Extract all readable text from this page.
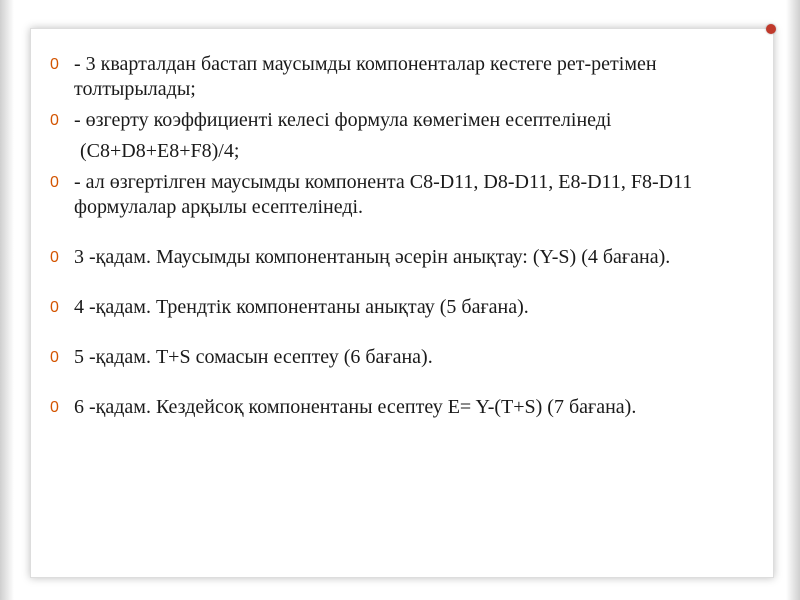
0 - 3 кварталдан бастап маусымды компоненталар кестеге рет-ретімен толтырылады;
0 - өзгерту коэффициенті келесі формула көмегімен есептелінеді
(C8+D8+E8+F8)/4;
0 - ал өзгертілген маусымды компонента C8-D11, D8-D11, E8-D11, F8-D11 формулалар арқылы есептелінеді.
0 3 -қадам. Маусымды компонентаның әсерін анықтау: (Y-S) (4 бағана).
0 4 -қадам. Трендтік компонентаны анықтау (5 бағана).
0 5 -қадам. T+S сомасын есептеу (6 бағана).
0 6 -қадам. Кездейсоқ компонентаны есептеу E= Y-(T+S) (7 бағана).
